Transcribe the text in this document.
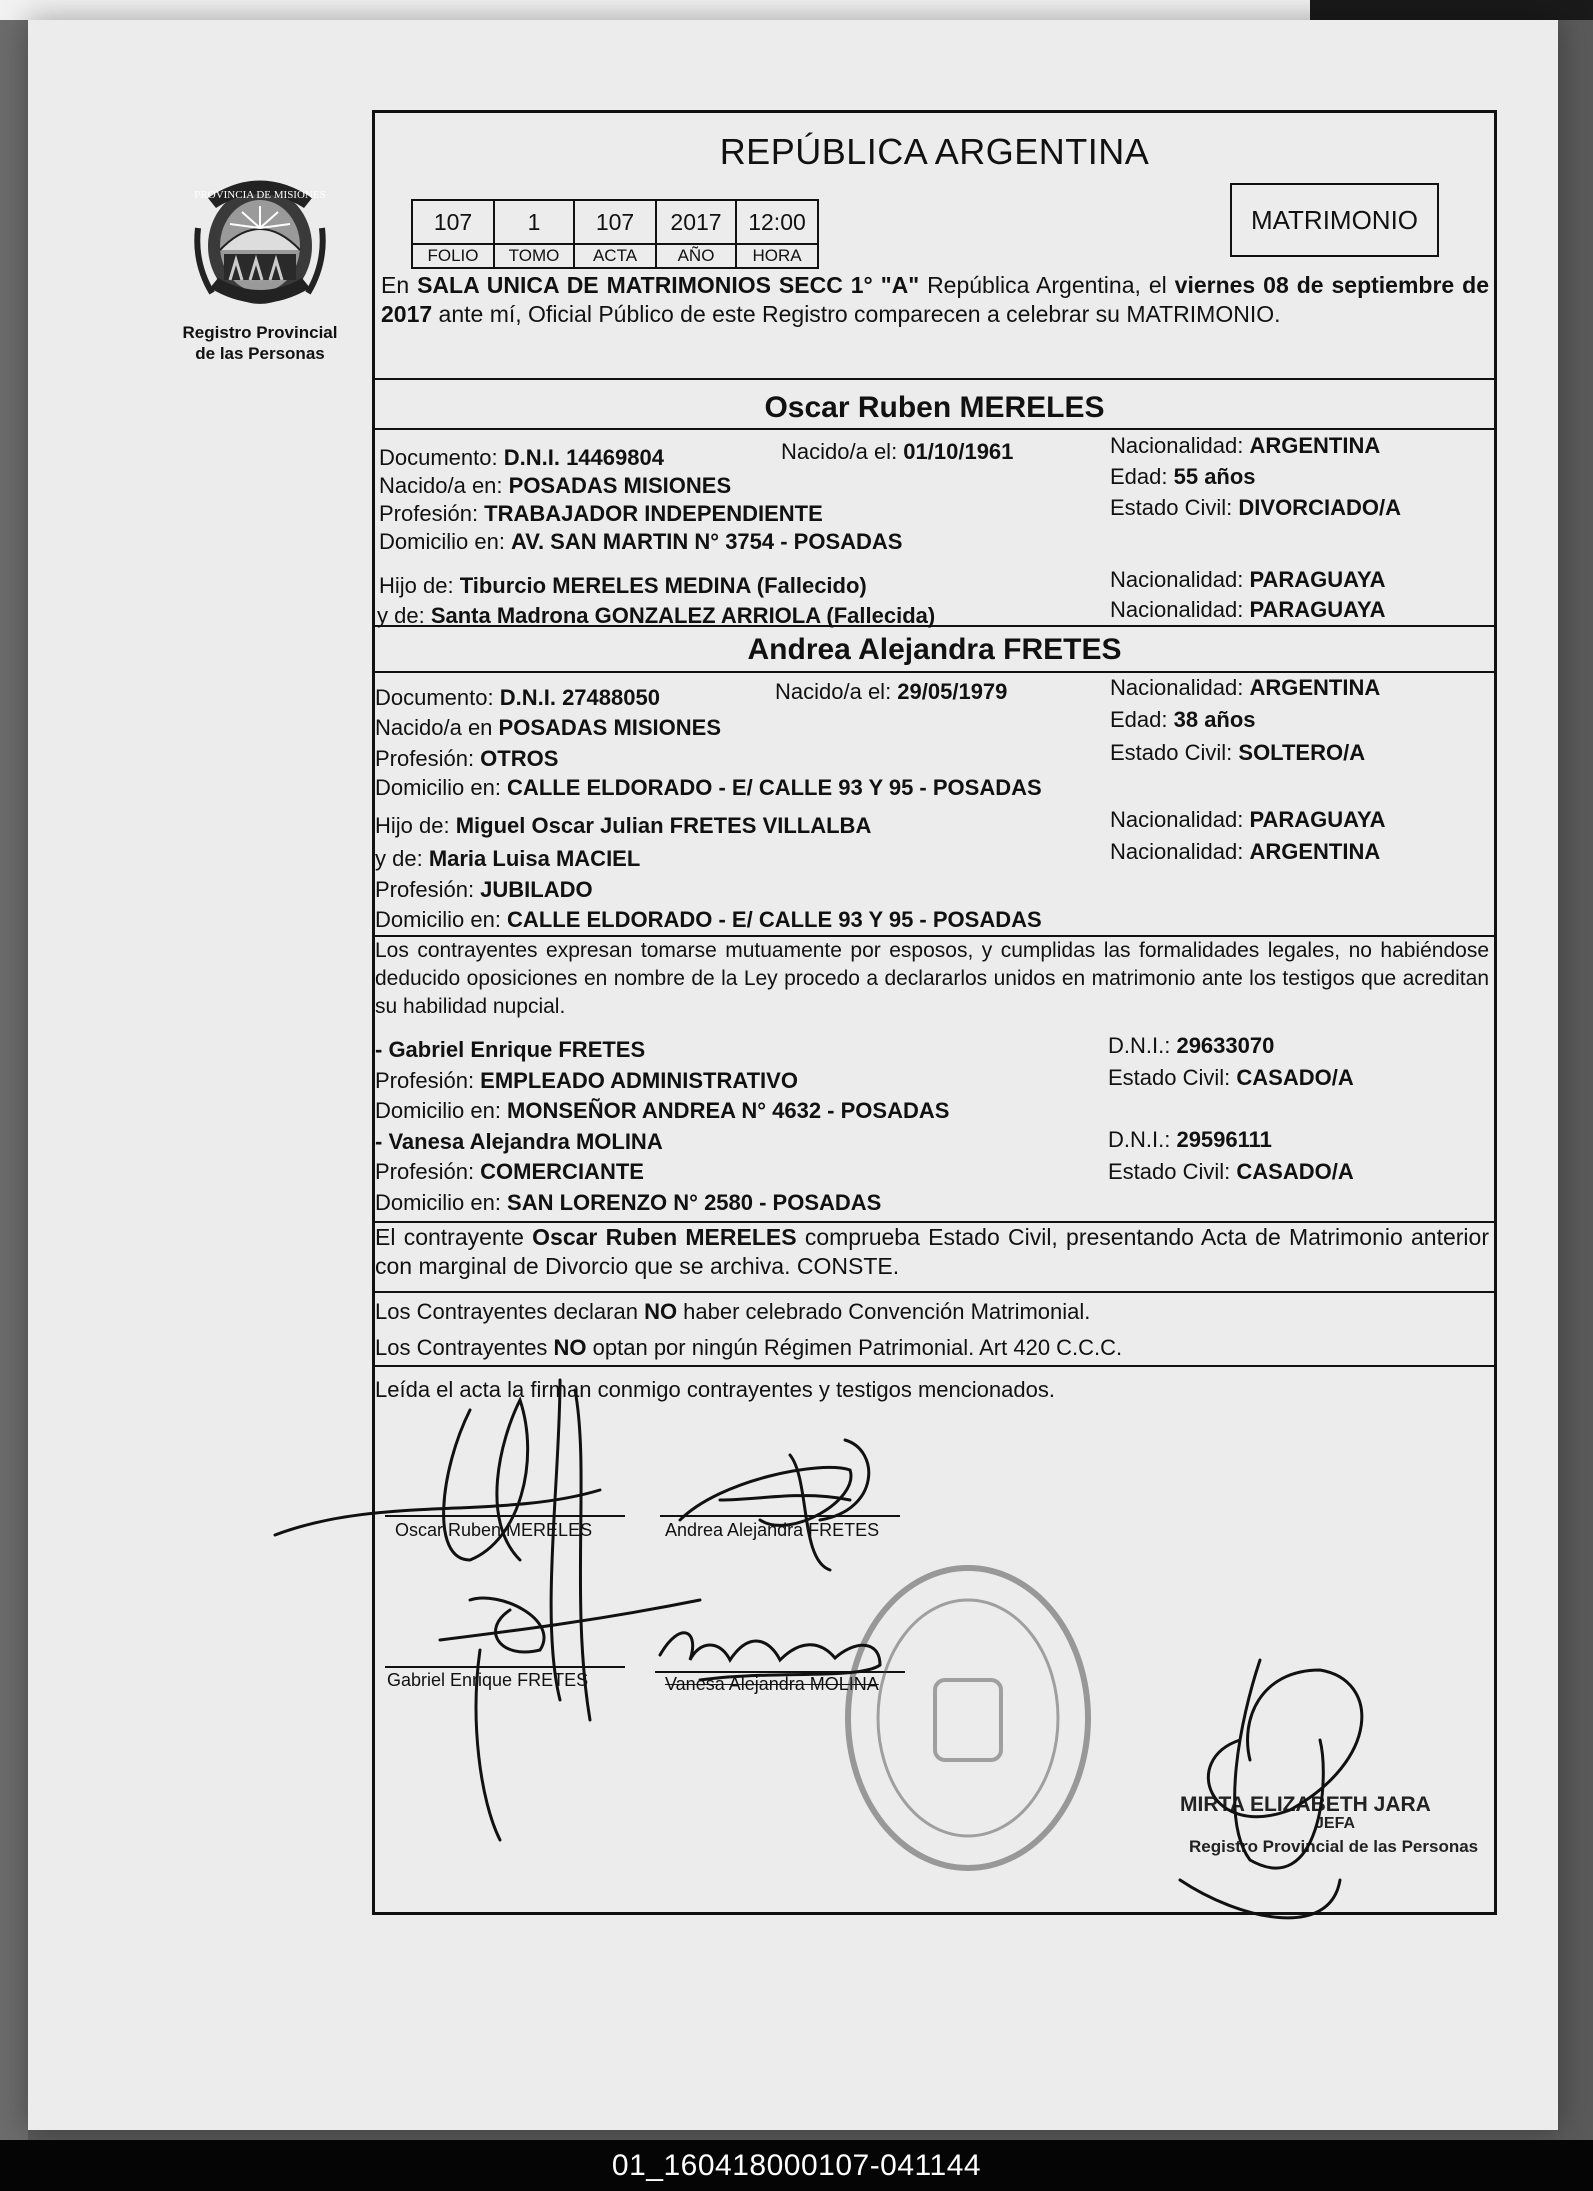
PROVINCIA DE MISIONES
Registro Provincial
de las Personas
REPÚBLICA ARGENTINA
107	1	107	2017	12:00
FOLIO	TOMO	ACTA	AÑO	HORA
MATRIMONIO
En SALA UNICA DE MATRIMONIOS SECC 1° "A" República Argentina, el viernes 08 de septiembre de 2017 ante mí, Oficial Público de este Registro comparecen a celebrar su MATRIMONIO.
Oscar Ruben MERELES
Documento: D.N.I. 14469804	Nacido/a el: 01/10/1961	Nacionalidad: ARGENTINA
Nacido/a en: POSADAS MISIONES	Edad: 55 años
Profesión: TRABAJADOR INDEPENDIENTE	Estado Civil: DIVORCIADO/A
Domicilio en: AV. SAN MARTIN N° 3754 - POSADAS
Hijo de: Tiburcio MERELES MEDINA (Fallecido)	Nacionalidad: PARAGUAYA
y de: Santa Madrona GONZALEZ ARRIOLA (Fallecida)	Nacionalidad: PARAGUAYA
Andrea Alejandra FRETES
Documento: D.N.I. 27488050	Nacido/a el: 29/05/1979	Nacionalidad: ARGENTINA
Nacido/a en POSADAS MISIONES	Edad: 38 años
Profesión: OTROS	Estado Civil: SOLTERO/A
Domicilio en: CALLE ELDORADO - E/ CALLE 93 Y 95 - POSADAS
Hijo de: Miguel Oscar Julian FRETES VILLALBA	Nacionalidad: PARAGUAYA
y de: Maria Luisa MACIEL	Nacionalidad: ARGENTINA
Profesión: JUBILADO
Domicilio en: CALLE ELDORADO - E/ CALLE 93 Y 95 - POSADAS
Los contrayentes expresan tomarse mutuamente por esposos, y cumplidas las formalidades legales, no habiéndose deducido oposiciones en nombre de la Ley procedo a declararlos unidos en matrimonio ante los testigos que acreditan su habilidad nupcial.
- Gabriel Enrique FRETES	D.N.I.: 29633070
Profesión: EMPLEADO ADMINISTRATIVO	Estado Civil: CASADO/A
Domicilio en: MONSEÑOR ANDREA N° 4632 - POSADAS
- Vanesa Alejandra MOLINA	D.N.I.: 29596111
Profesión: COMERCIANTE	Estado Civil: CASADO/A
Domicilio en: SAN LORENZO N° 2580 - POSADAS
El contrayente Oscar Ruben MERELES comprueba Estado Civil, presentando Acta de Matrimonio anterior con marginal de Divorcio que se archiva. CONSTE.
Los Contrayentes declaran NO haber celebrado Convención Matrimonial.
Los Contrayentes NO optan por ningún Régimen Patrimonial. Art 420 C.C.C.
Leída el acta la firman conmigo contrayentes y testigos mencionados.
Oscar Ruben MERELES	Andrea Alejandra FRETES
Gabriel Enrique FRETES	Vanesa Alejandra MOLINA
MIRTA ELIZABETH JARA
JEFA
Registro Provincial de las Personas
01_160418000107-041144
